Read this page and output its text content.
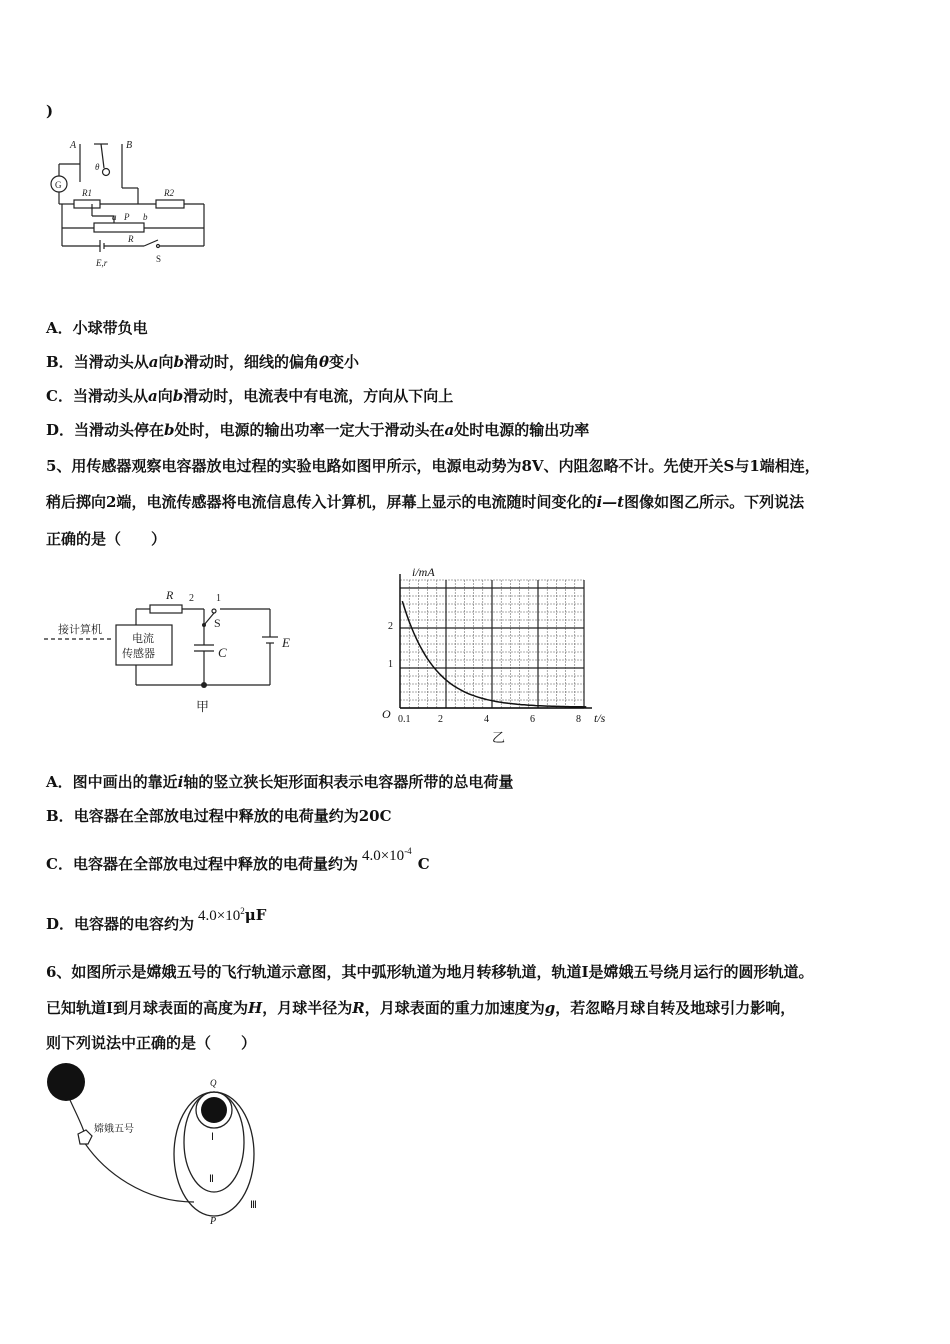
)
A	B
G
θ
R1	R2
a P b
R
E,r	S
A．小球带负电
B．当滑动头从a向b滑动时，细线的偏角θ变小
C．当滑动头从a向b滑动时，电流表中有电流，方向从下向上
D．当滑动头停在b处时，电源的输出功率一定大于滑动头在a处时电源的输出功率
5、用传感器观察电容器放电过程的实验电路如图甲所示，电源电动势为8V、内阻忽略不计。先使开关S与1端相连，
稍后掷向2端，电流传感器将电流信息传入计算机，屏幕上显示的电流随时间变化的i—t图像如图乙所示。下列说法
正确的是（　　）
接计算机
电流
传感器
R 2 1
S
C
E
甲
i/mA
t/s
O 0.1	2	4	6	8
2
1
乙
A．图中画出的靠近i轴的竖立狭长矩形面积表示电容器所带的总电荷量
B．电容器在全部放电过程中释放的电荷量约为20C
C．电容器在全部放电过程中释放的电荷量约为 $4.0\times 10^{-4}C$
D．电容器的电容约为 $4.0\times 10^2\mu F$
6、如图所示是嫦娥五号的飞行轨道示意图，其中弧形轨道为地月转移轨道，轨道Ⅰ是嫦娥五号绕月运行的圆形轨道。
已知轨道Ⅰ到月球表面的高度为H，月球半径为R，月球表面的重力加速度为g，若忽略月球自转及地球引力影响，
则下列说法中正确的是（　　）
嫦娥五号
Q
Ⅰ
Ⅱ
Ⅲ
P
